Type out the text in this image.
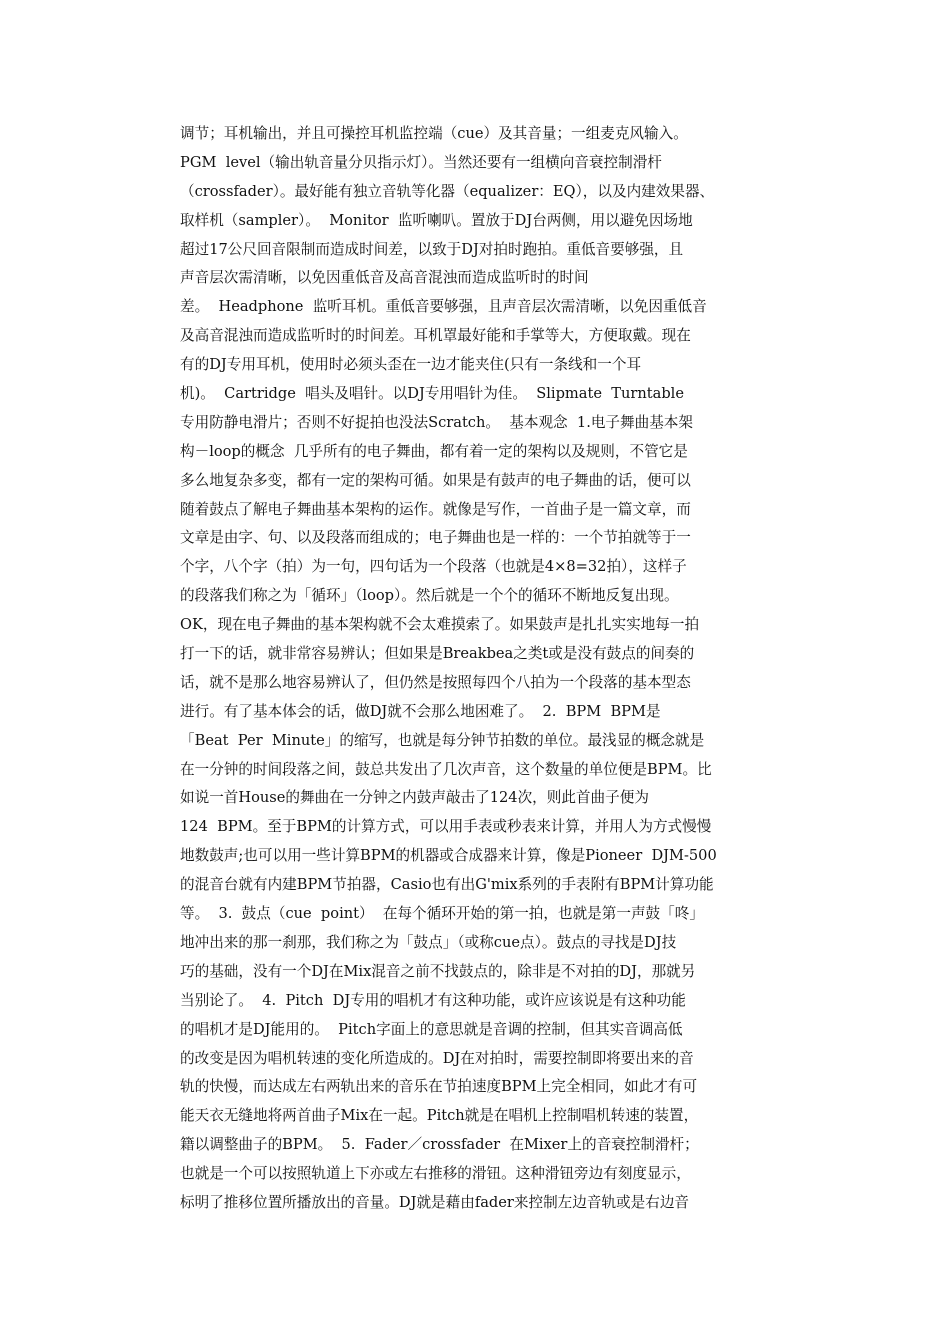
调节；耳机输出，并且可操控耳机监控端（cue）及其音量；一组麦克风输入。
PGM  level（输出轨音量分贝指示灯）。当然还要有一组横向音衰控制滑杆
（crossfader）。最好能有独立音轨等化器（equalizer：EQ），以及内建效果器、
取样机（sampler）。  Monitor  监听喇叭。置放于DJ台两侧，用以避免因场地
超过17公尺回音限制而造成时间差，以致于DJ对拍时跑拍。重低音要够强，且
声音层次需清晰，以免因重低音及高音混浊而造成监听时的时间
差。  Headphone  监听耳机。重低音要够强，且声音层次需清晰，以免因重低音
及高音混浊而造成监听时的时间差。耳机罩最好能和手掌等大，方便取戴。现在
有的DJ专用耳机，使用时必须头歪在一边才能夹住(只有一条线和一个耳
机)。  Cartridge  唱头及唱针。以DJ专用唱针为佳。  Slipmate  Turntable
专用防静电滑片；否则不好捉拍也没法Scratch。  基本观念  1.电子舞曲基本架
构－loop的概念  几乎所有的电子舞曲，都有着一定的架构以及规则，不管它是
多么地复杂多变，都有一定的架构可循。如果是有鼓声的电子舞曲的话，便可以
随着鼓点了解电子舞曲基本架构的运作。就像是写作，一首曲子是一篇文章，而
文章是由字、句、以及段落而组成的；电子舞曲也是一样的：一个节拍就等于一
个字，八个字（拍）为一句，四句话为一个段落（也就是4×8=32拍），这样子
的段落我们称之为「循环」（loop）。然后就是一个个的循环不断地反复出现。
OK，现在电子舞曲的基本架构就不会太难摸索了。如果鼓声是扎扎实实地每一拍
打一下的话，就非常容易辨认；但如果是Breakbea之类t或是没有鼓点的间奏的
话，就不是那么地容易辨认了，但仍然是按照每四个八拍为一个段落的基本型态
进行。有了基本体会的话，做DJ就不会那么地困难了。  2.  BPM  BPM是
「Beat  Per  Minute」的缩写，也就是每分钟节拍数的单位。最浅显的概念就是
在一分钟的时间段落之间，鼓总共发出了几次声音，这个数量的单位便是BPM。比
如说一首House的舞曲在一分钟之内鼓声敲击了124次，则此首曲子便为
124  BPM。至于BPM的计算方式，可以用手表或秒表来计算，并用人为方式慢慢
地数鼓声;也可以用一些计算BPM的机器或合成器来计算，像是Pioneer  DJM-500
的混音台就有内建BPM节拍器，Casio也有出G'mix系列的手表附有BPM计算功能
等。  3.  鼓点（cue  point）  在每个循环开始的第一拍，也就是第一声鼓「咚」
地冲出来的那一刹那，我们称之为「鼓点」（或称cue点）。鼓点的寻找是DJ技
巧的基础，没有一个DJ在Mix混音之前不找鼓点的，除非是不对拍的DJ，那就另
当别论了。  4.  Pitch  DJ专用的唱机才有这种功能，或许应该说是有这种功能
的唱机才是DJ能用的。  Pitch字面上的意思就是音调的控制，但其实音调高低
的改变是因为唱机转速的变化所造成的。DJ在对拍时，需要控制即将要出来的音
轨的快慢，而达成左右两轨出来的音乐在节拍速度BPM上完全相同，如此才有可
能天衣无缝地将两首曲子Mix在一起。Pitch就是在唱机上控制唱机转速的装置，
籍以调整曲子的BPM。  5.  Fader／crossfader  在Mixer上的音衰控制滑杆；
也就是一个可以按照轨道上下亦或左右推移的滑钮。这种滑钮旁边有刻度显示，
标明了推移位置所播放出的音量。DJ就是藉由fader来控制左边音轨或是右边音
